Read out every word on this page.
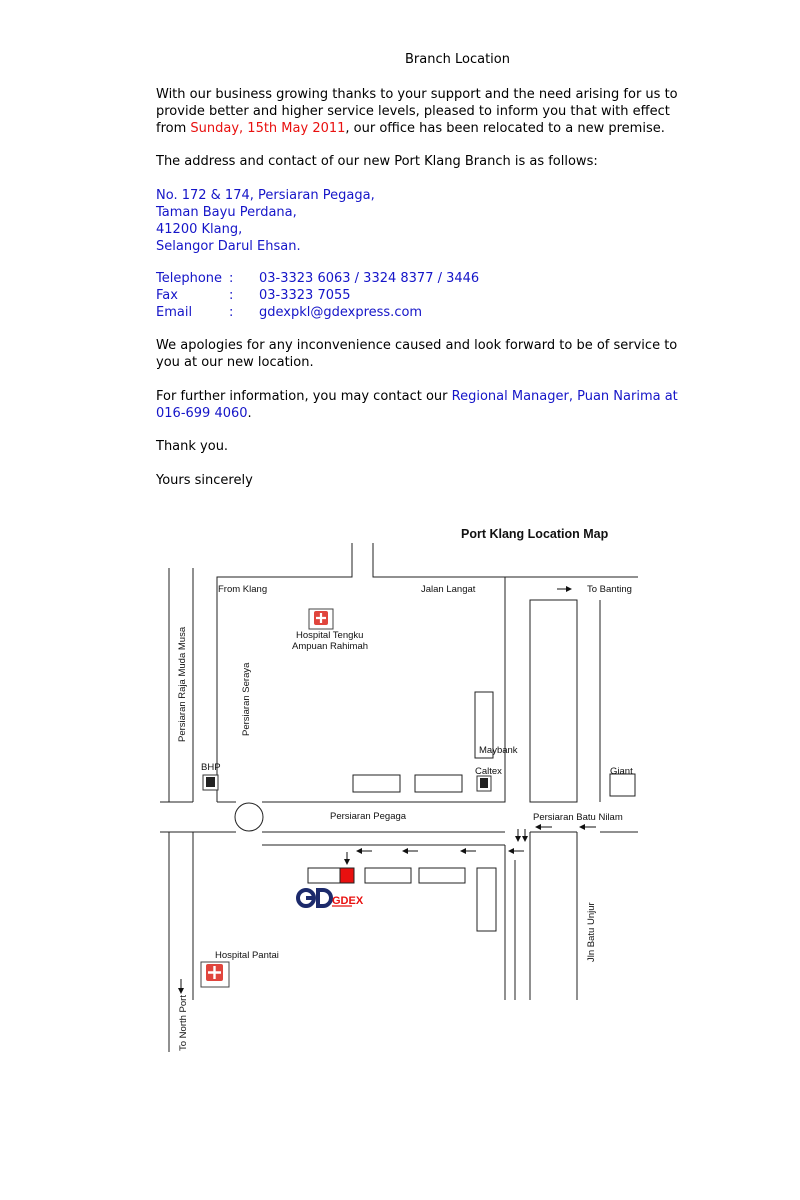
Branch Location

With our business growing thanks to your support and the need arising for us to provide better and higher service levels, pleased to inform you that with effect from Sunday, 15th May 2011, our office has been relocated to a new premise.

The address and contact of our new Port Klang Branch is as follows:

No. 172 & 174, Persiaran Pegaga,
Taman Bayu Perdana,
41200 Klang,
Selangor Darul Ehsan.
Telephone : 03-3323 6063 / 3324 8377 / 3446
Fax	: 03-3323 7055
Email	: gdexpkl@gdexpress.com

We apologies for any inconvenience caused and look forward to be of service to you at our new location.

For further information, you may contact our Regional Manager, Puan Narima at
016-699 4060.

Thank you.

Yours sincerely

Port Klang Location Map
GDEX
From Klang	Jalan Langat	To Banting
Hospital Tengku
Ampuan Rahimah
Maybank
BHP	Caltex	Giant
Persiaran Pegaga	Persiaran Batu Nilam
Hospital Pantai
Persiaran Raja Muda Musa	Persiaran Seraya
Jln Batu Unjur
To North Port
